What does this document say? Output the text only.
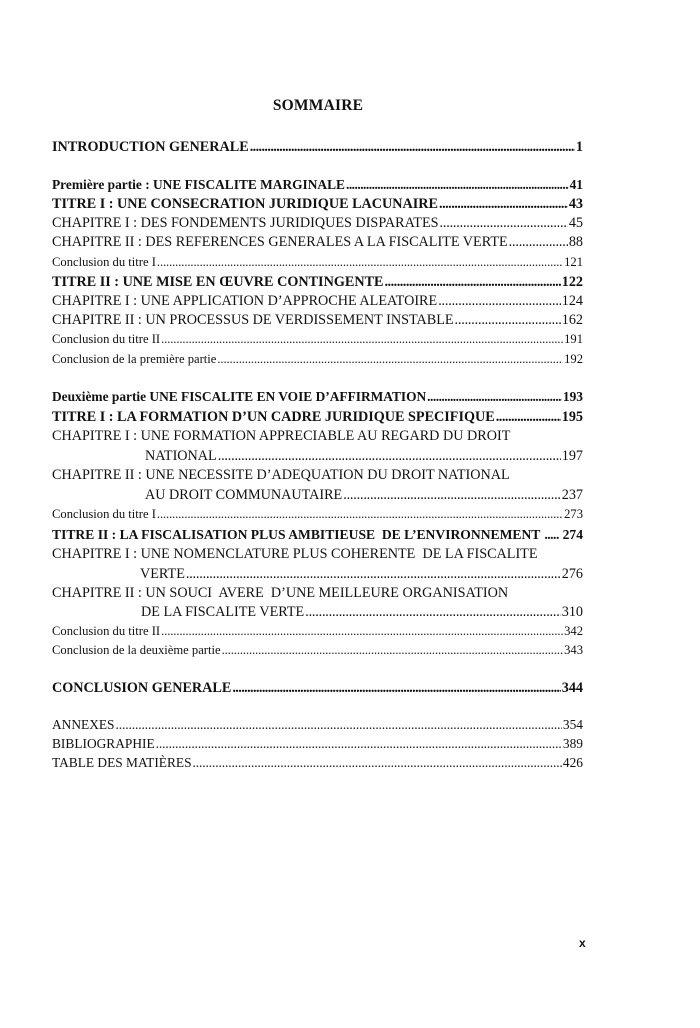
SOMMAIRE
INTRODUCTION GENERALE .....	1
Première partie : UNE FISCALITE MARGINALE .....	41
TITRE I : UNE CONSECRATION JURIDIQUE LACUNAIRE .....	43
CHAPITRE I : DES FONDEMENTS JURIDIQUES DISPARATES .....	45
CHAPITRE II : DES REFERENCES GENERALES A LA FISCALITE VERTE .....	88
Conclusion du titre I .....	121
TITRE II : UNE MISE EN ŒUVRE CONTINGENTE .....	122
CHAPITRE I : UNE APPLICATION D’APPROCHE ALEATOIRE .....	124
CHAPITRE II : UN PROCESSUS DE VERDISSEMENT INSTABLE .....	162
Conclusion du titre II .....	191
Conclusion de la première partie .....	192
Deuxième partie UNE FISCALITE EN VOIE D’AFFIRMATION .....	193
TITRE I : LA FORMATION D’UN CADRE JURIDIQUE SPECIFIQUE .....	195
CHAPITRE I : UNE FORMATION APPRECIABLE AU REGARD DU DROIT
NATIONAL .....	197
CHAPITRE II : UNE NECESSITE D’ADEQUATION DU DROIT NATIONAL
AU DROIT COMMUNAUTAIRE .....	237
Conclusion du titre I .....	273
TITRE II : LA FISCALISATION PLUS AMBITIEUSE  DE L’ENVIRONNEMENT ..... 274
CHAPITRE I : UNE NOMENCLATURE PLUS COHERENTE  DE LA FISCALITE
VERTE .....	276
CHAPITRE II : UN SOUCI  AVERE  D’UNE MEILLEURE ORGANISATION
DE LA FISCALITE VERTE .....	310
Conclusion du titre II .....	342
Conclusion de la deuxième partie .....	343
CONCLUSION GENERALE .....	344
ANNEXES .....	354
BIBLIOGRAPHIE .....	389
TABLE DES MATIÈRES .....	426
x
